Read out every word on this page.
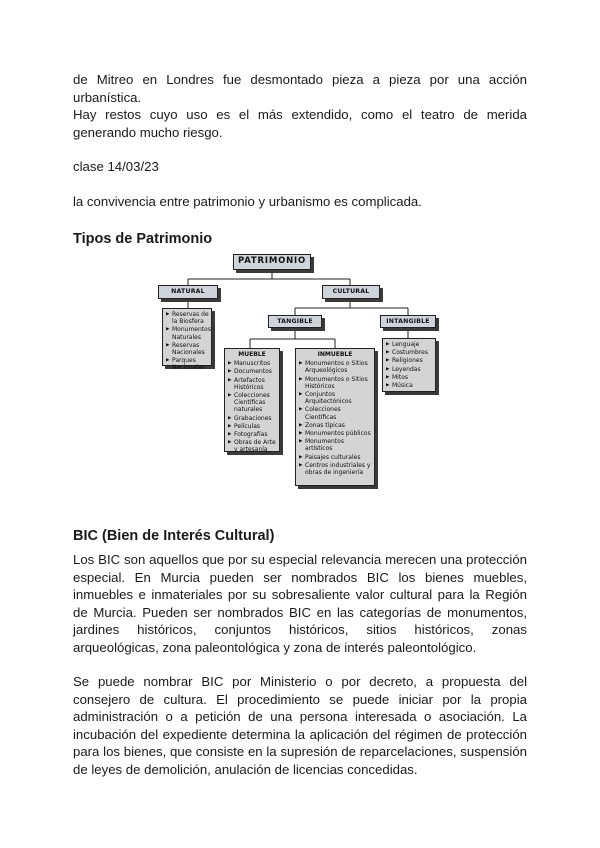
de Mitreo en Londres fue desmontado pieza a pieza por una acción urbanística.

Hay restos cuyo uso es el más extendido, como el teatro de merida generando mucho riesgo.

clase 14/03/23

la convivencia entre patrimonio y urbanismo es complicada.

Tipos de Patrimonio

PATRIMONIO
NATURAL	CULTURAL
TANGIBLE	INTANGIBLE
▶ Reservas de la Biosfera
▶ Monumentos Naturales
▶ Reservas Nacionales
▶ Parques Nacionales
▶ Lenguaje
▶ Costumbres
▶ Religiones
▶ Leyendas
▶ Mitos
▶ Música
MUEBLE
▶ Manuscritos
▶ Documentos
▶ Artefactos Históricos
▶ Colecciones Científicas naturales
▶ Grabaciones
▶ Películas
▶ Fotografías
▶ Obras de Arte y artesanía
INMUEBLE
▶ Monumentos o Sitios Arqueológicos
▶ Monumentos o Sitios Históricos
▶ Conjuntos Arquitectónicos
▶ Colecciones Científicas
▶ Zonas típicas
▶ Monumentos públicos
▶ Monumentos artísticos
▶ Paisajes culturales
▶ Centros industriales y obras de ingeniería

BIC (Bien de Interés Cultural)

Los BIC son aquellos que por su especial relevancia merecen una protección especial. En Murcia pueden ser nombrados BIC los bienes muebles, inmuebles e inmateriales por su sobresaliente valor cultural para la Región de Murcia. Pueden ser nombrados BIC en las categorías de monumentos, jardines históricos, conjuntos históricos, sitios históricos, zonas arqueológicas, zona paleontológica y zona de interés paleontológico.

Se puede nombrar BIC por Ministerio o por decreto, a propuesta del consejero de cultura. El procedimiento se puede iniciar por la propia administración o a petición de una persona interesada o asociación. La incubación del expediente determina la aplicación del régimen de protección para los bienes, que consiste en la supresión de reparcelaciones, suspensión de leyes de demolición, anulación de licencias concedidas.
